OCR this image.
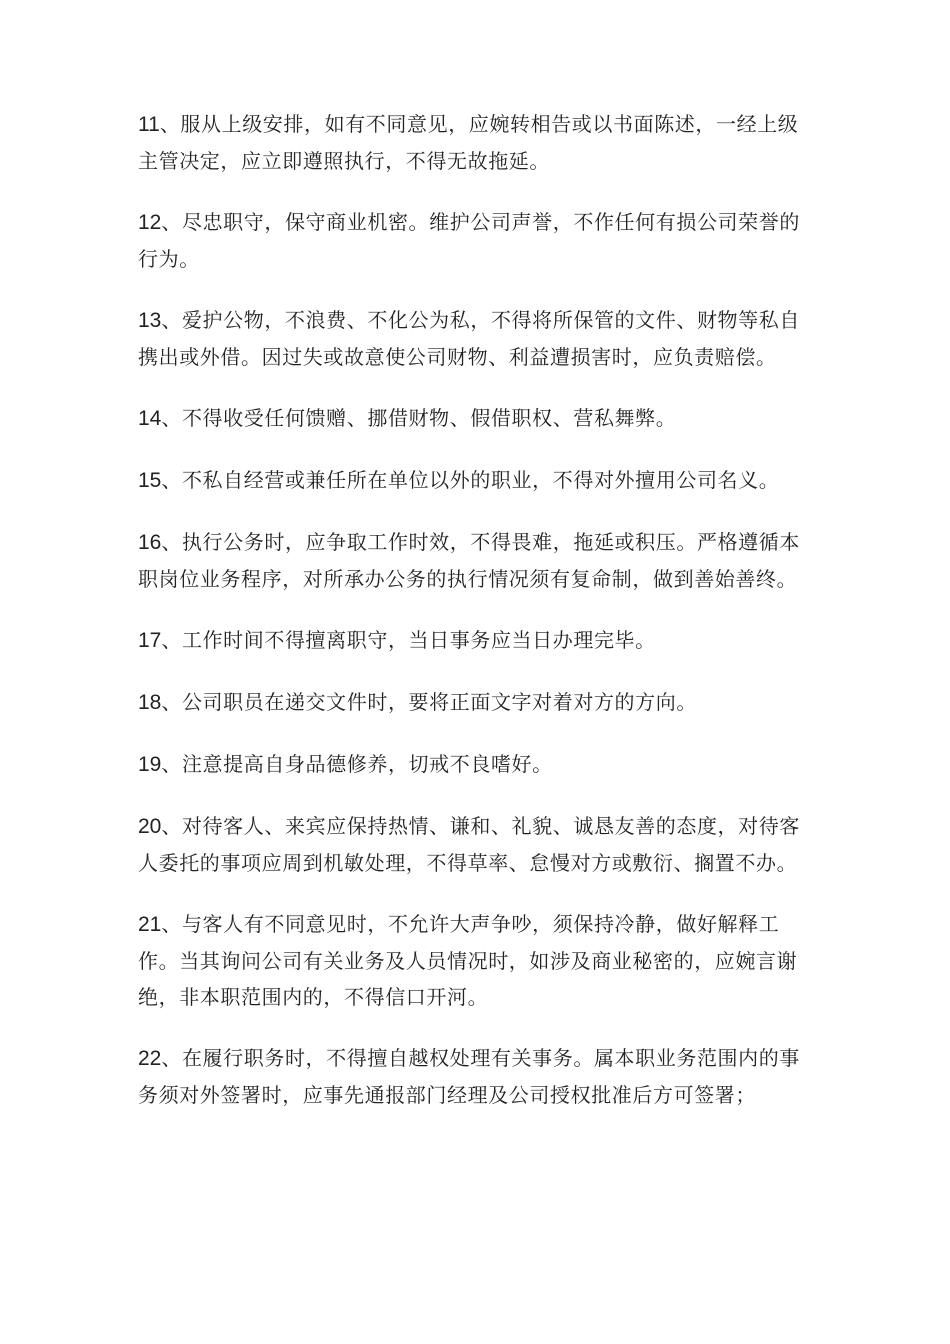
11、服从上级安排，如有不同意见，应婉转相告或以书面陈述，一经上级主管决定，应立即遵照执行，不得无故拖延。

12、尽忠职守，保守商业机密。维护公司声誉，不作任何有损公司荣誉的行为。

13、爱护公物，不浪费、不化公为私，不得将所保管的文件、财物等私自携出或外借。因过失或故意使公司财物、利益遭损害时，应负责赔偿。

14、不得收受任何馈赠、挪借财物、假借职权、营私舞弊。

15、不私自经营或兼任所在单位以外的职业，不得对外擅用公司名义。

16、执行公务时，应争取工作时效，不得畏难，拖延或积压。严格遵循本职岗位业务程序，对所承办公务的执行情况须有复命制，做到善始善终。

17、工作时间不得擅离职守，当日事务应当日办理完毕。

18、公司职员在递交文件时，要将正面文字对着对方的方向。

19、注意提高自身品德修养，切戒不良嗜好。

20、对待客人、来宾应保持热情、谦和、礼貌、诚恳友善的态度，对待客人委托的事项应周到机敏处理，不得草率、怠慢对方或敷衍、搁置不办。

21、与客人有不同意见时，不允许大声争吵，须保持冷静，做好解释工作。当其询问公司有关业务及人员情况时，如涉及商业秘密的，应婉言谢绝，非本职范围内的，不得信口开河。

22、在履行职务时，不得擅自越权处理有关事务。属本职业务范围内的事务须对外签署时，应事先通报部门经理及公司授权批准后方可签署；
